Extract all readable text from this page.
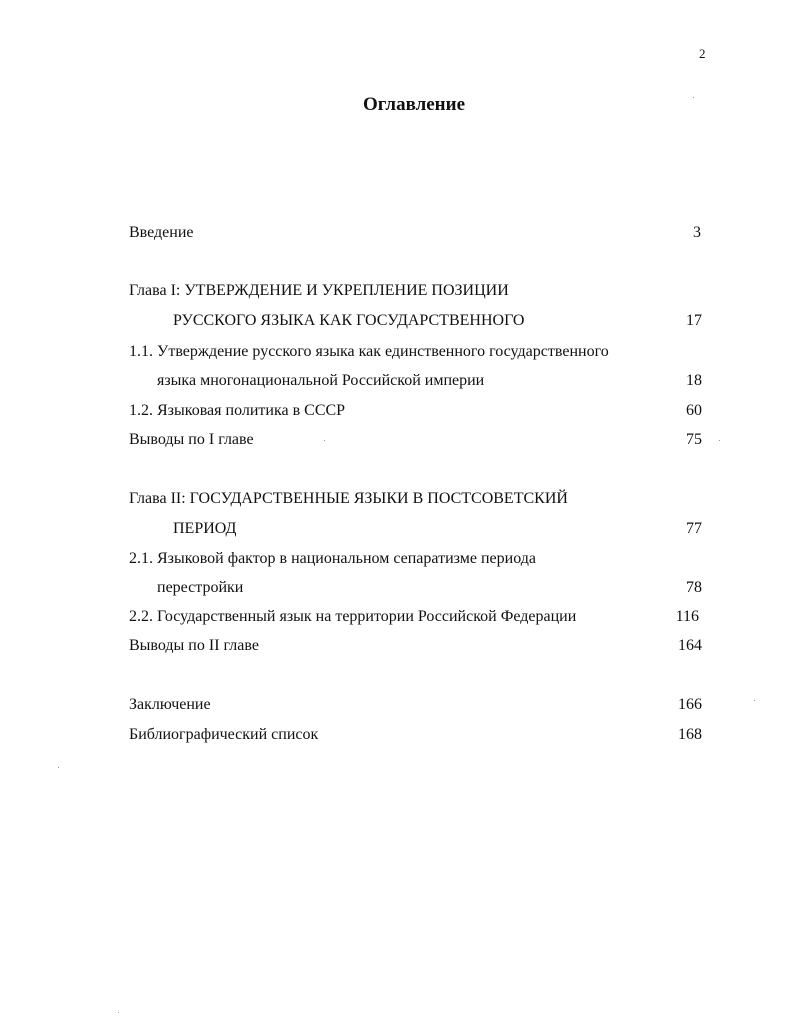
2
Оглавление
Введение	3
Глава I: УТВЕРЖДЕНИЕ И УКРЕПЛЕНИЕ ПОЗИЦИИ
РУССКОГО ЯЗЫКА КАК ГОСУДАРСТВЕННОГО	17
1.1. Утверждение русского языка как единственного государственного
языка многонациональной Российской империи	18
1.2. Языковая политика в СССР	60
Выводы по I главе	75
Глава II: ГОСУДАРСТВЕННЫЕ ЯЗЫКИ В ПОСТСОВЕТСКИЙ
ПЕРИОД	77
2.1. Языковой фактор в национальном сепаратизме периода
перестройки	78
2.2. Государственный язык на территории Российской Федерации	116
Выводы по II главе	164
Заключение	166
Библиографический список	168
